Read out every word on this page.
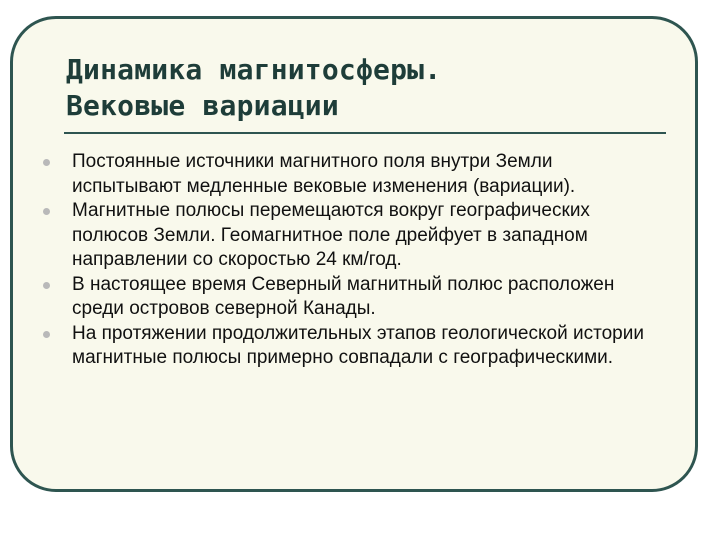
Динамика магнитосферы.
Вековые вариации
Постоянные источники магнитного поля внутри Земли испытывают медленные вековые изменения (вариации).
Магнитные полюсы перемещаются вокруг географических полюсов Земли. Геомагнитное поле дрейфует в западном направлении со скоростью 24 км/год.
В настоящее время Северный магнитный полюс расположен среди островов северной Канады.
На протяжении продолжительных этапов геологической истории магнитные полюсы примерно совпадали с географическими.
